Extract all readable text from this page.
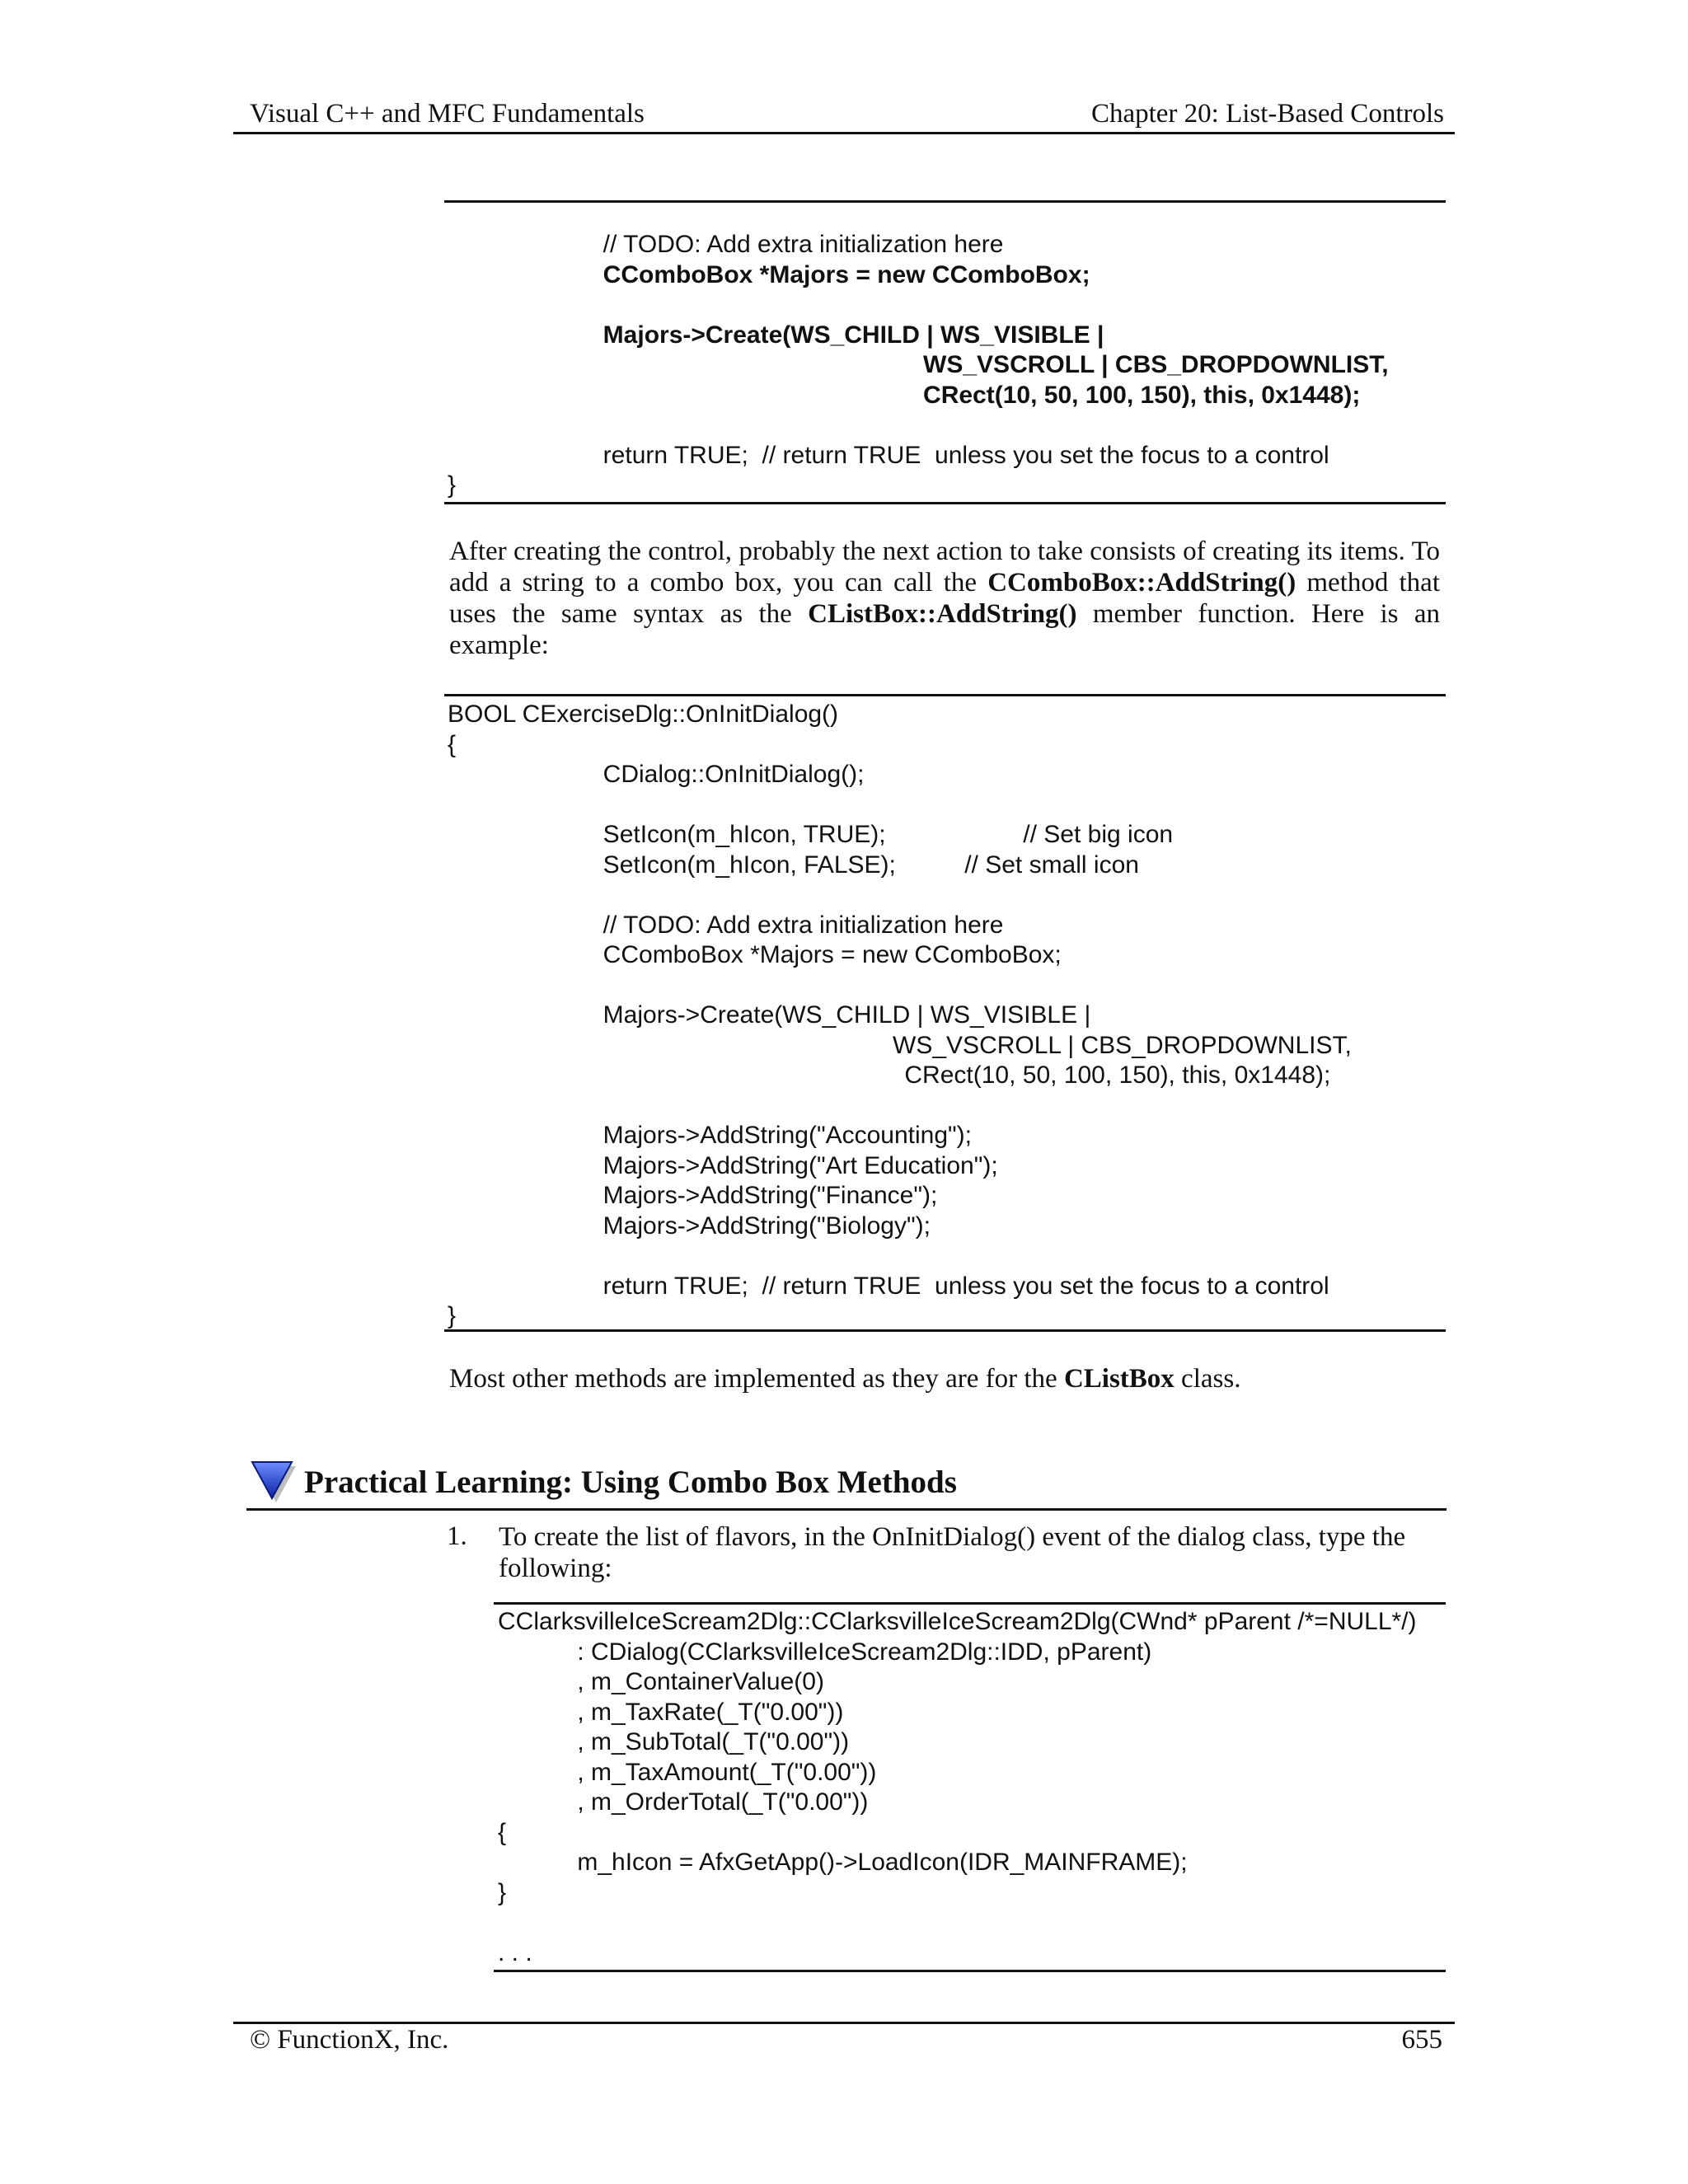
Visual C++ and MFC Fundamentals	Chapter 20: List-Based Controls
// TODO: Add extra initialization here
CComboBox *Majors = new CComboBox;
Majors->Create(WS_CHILD | WS_VISIBLE |
WS_VSCROLL | CBS_DROPDOWNLIST,
CRect(10, 50, 100, 150), this, 0x1448);
return TRUE;  // return TRUE  unless you set the focus to a control
}
After creating the control, probably the next action to take consists of creating its items. To add a string to a combo box, you can call the CComboBox::AddString() method that uses the same syntax as the CListBox::AddString() member function. Here is an example:
BOOL CExerciseDlg::OnInitDialog()
{
CDialog::OnInitDialog();
SetIcon(m_hIcon, TRUE);                    // Set big icon
SetIcon(m_hIcon, FALSE);          // Set small icon
// TODO: Add extra initialization here
CComboBox *Majors = new CComboBox;
Majors->Create(WS_CHILD | WS_VISIBLE |
WS_VSCROLL | CBS_DROPDOWNLIST,
CRect(10, 50, 100, 150), this, 0x1448);
Majors->AddString("Accounting");
Majors->AddString("Art Education");
Majors->AddString("Finance");
Majors->AddString("Biology");
return TRUE;  // return TRUE  unless you set the focus to a control
}
Most other methods are implemented as they are for the CListBox class.
Practical Learning: Using Combo Box Methods
1. To create the list of flavors, in the OnInitDialog() event of the dialog class, type the following:
CClarksvilleIceScream2Dlg::CClarksvilleIceScream2Dlg(CWnd* pParent /*=NULL*/)
: CDialog(CClarksvilleIceScream2Dlg::IDD, pParent)
, m_ContainerValue(0)
, m_TaxRate(_T("0.00"))
, m_SubTotal(_T("0.00"))
, m_TaxAmount(_T("0.00"))
, m_OrderTotal(_T("0.00"))
{
m_hIcon = AfxGetApp()->LoadIcon(IDR_MAINFRAME);
}
. . .
© FunctionX, Inc.	655
